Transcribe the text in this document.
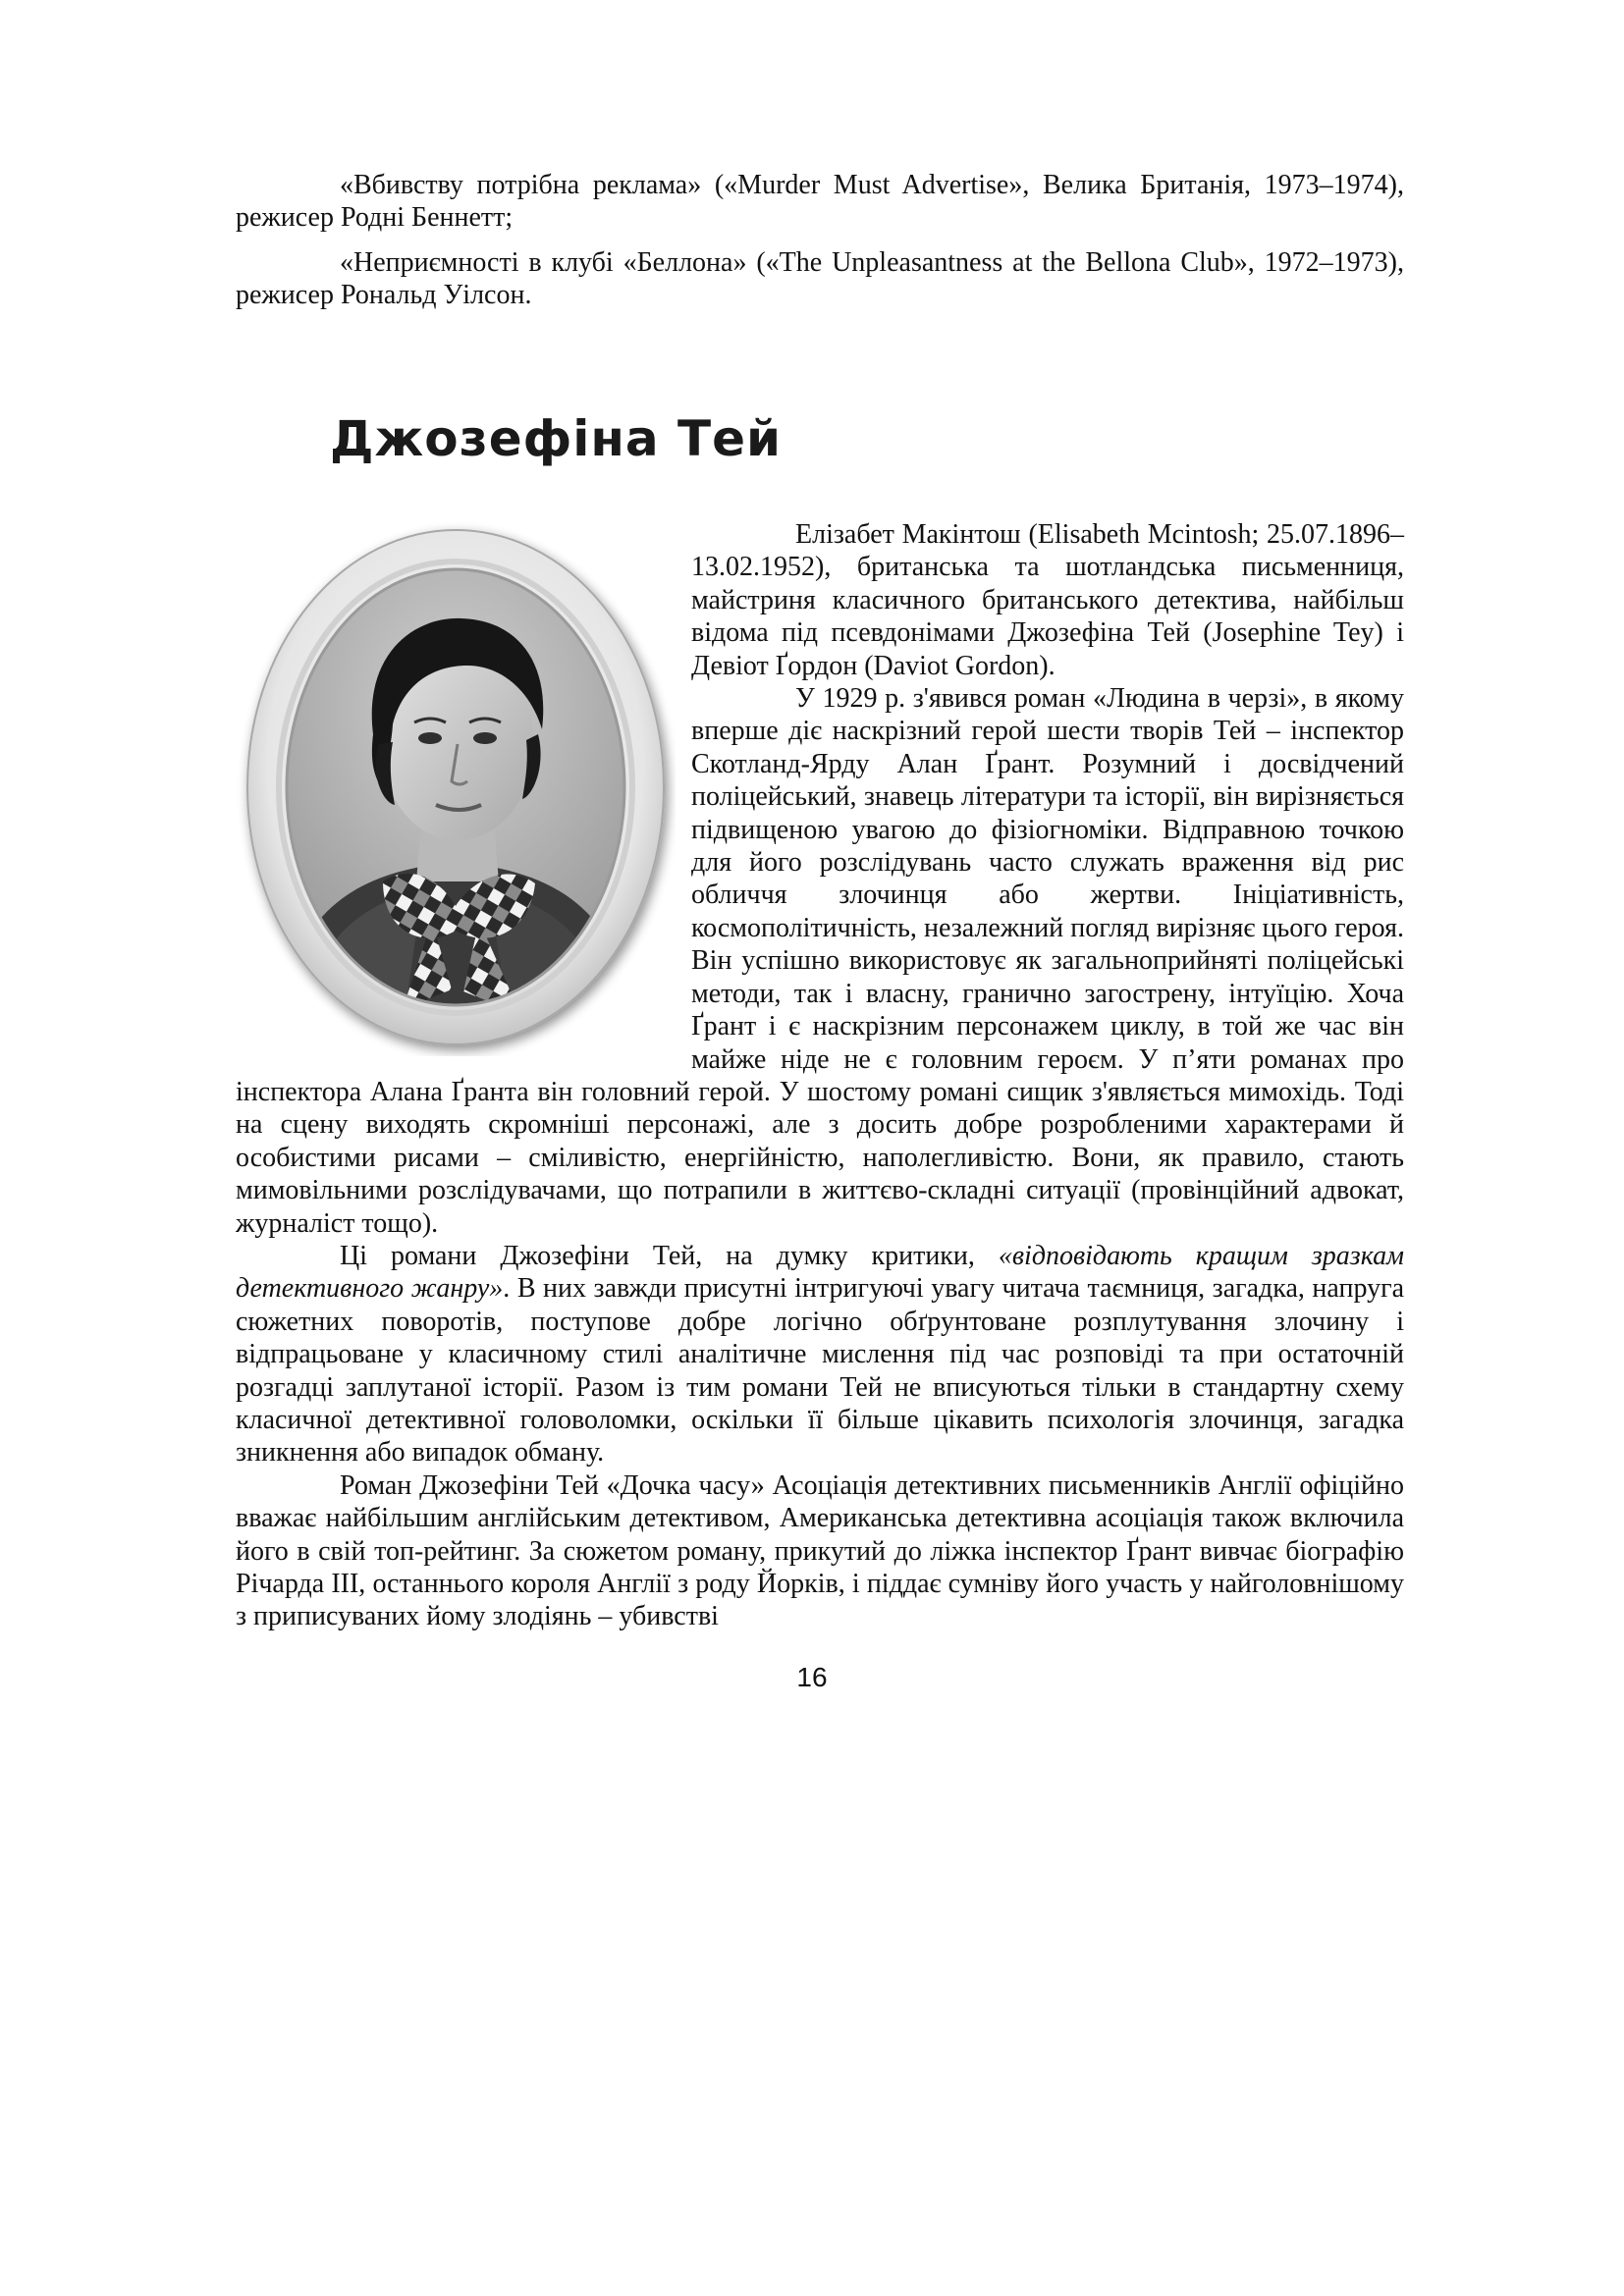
«Вбивству потрібна реклама» («Murder Must Advertise», Велика Британія, 1973–1974), режисер Родні Беннетт;

«Неприємності в клубі «Беллона» («The Unpleasantness at the Bellona Club», 1972–1973), режисер Рональд Уілсон.

Джозефіна Тей

Елізабет Макінтош (Elisabeth Mcintosh; 25.07.1896–13.02.1952), британська та шотландська письменниця, майстриня класичного британського детектива, найбільш відома під псевдонімами Джозефіна Тей (Josephine Tey) і Девіот Ґордон (Daviot Gordon).

У 1929 р. з'явився роман «Людина в черзі», в якому вперше діє наскрізний герой шести творів Тей – інспектор Скотланд-Ярду Алан Ґрант. Розумний і досвідчений поліцейський, знавець літератури та історії, він вирізняється підвищеною увагою до фізіогноміки. Відправною точкою для його розслідувань часто служать враження від рис обличчя злочинця або жертви. Ініціативність, космополітичність, незалежний погляд вирізняє цього героя. Він успішно використовує як загальноприйняті поліцейські методи, так і власну, гранично загострену, інтуїцію. Хоча Ґрант і є наскрізним персонажем циклу, в той же час він майже ніде не є головним героєм. У п’яти романах про інспектора Алана Ґранта він головний герой. У шостому романі сищик з'являється мимохідь. Тоді на сцену виходять скромніші персонажі, але з досить добре розробленими характерами й особистими рисами – сміливістю, енергійністю, наполегливістю. Вони, як правило, стають мимовільними розслідувачами, що потрапили в життєво-складні ситуації (провінційний адвокат, журналіст тощо).

Ці романи Джозефіни Тей, на думку критики, «відповідають кращим зразкам детективного жанру». В них завжди присутні інтригуючі увагу читача таємниця, загадка, напруга сюжетних поворотів, поступове добре логічно обґрунтоване розплутування злочину і відпрацьоване у класичному стилі аналітичне мислення під час розповіді та при остаточній розгадці заплутаної історії. Разом із тим романи Тей не вписуються тільки в стандартну схему класичної детективної головоломки, оскільки її більше цікавить психологія злочинця, загадка зникнення або випадок обману.

Роман Джозефіни Тей «Дочка часу» Асоціація детективних письменників Англії офіційно вважає найбільшим англійським детективом, Американська детективна асоціація також включила його в свій топ-рейтинг. За сюжетом роману, прикутий до ліжка інспектор Ґрант вивчає біографію Річарда III, останнього короля Англії з роду Йорків, і піддає сумніву його участь у найголовнішому з приписуваних йому злодіянь – убивстві

16
